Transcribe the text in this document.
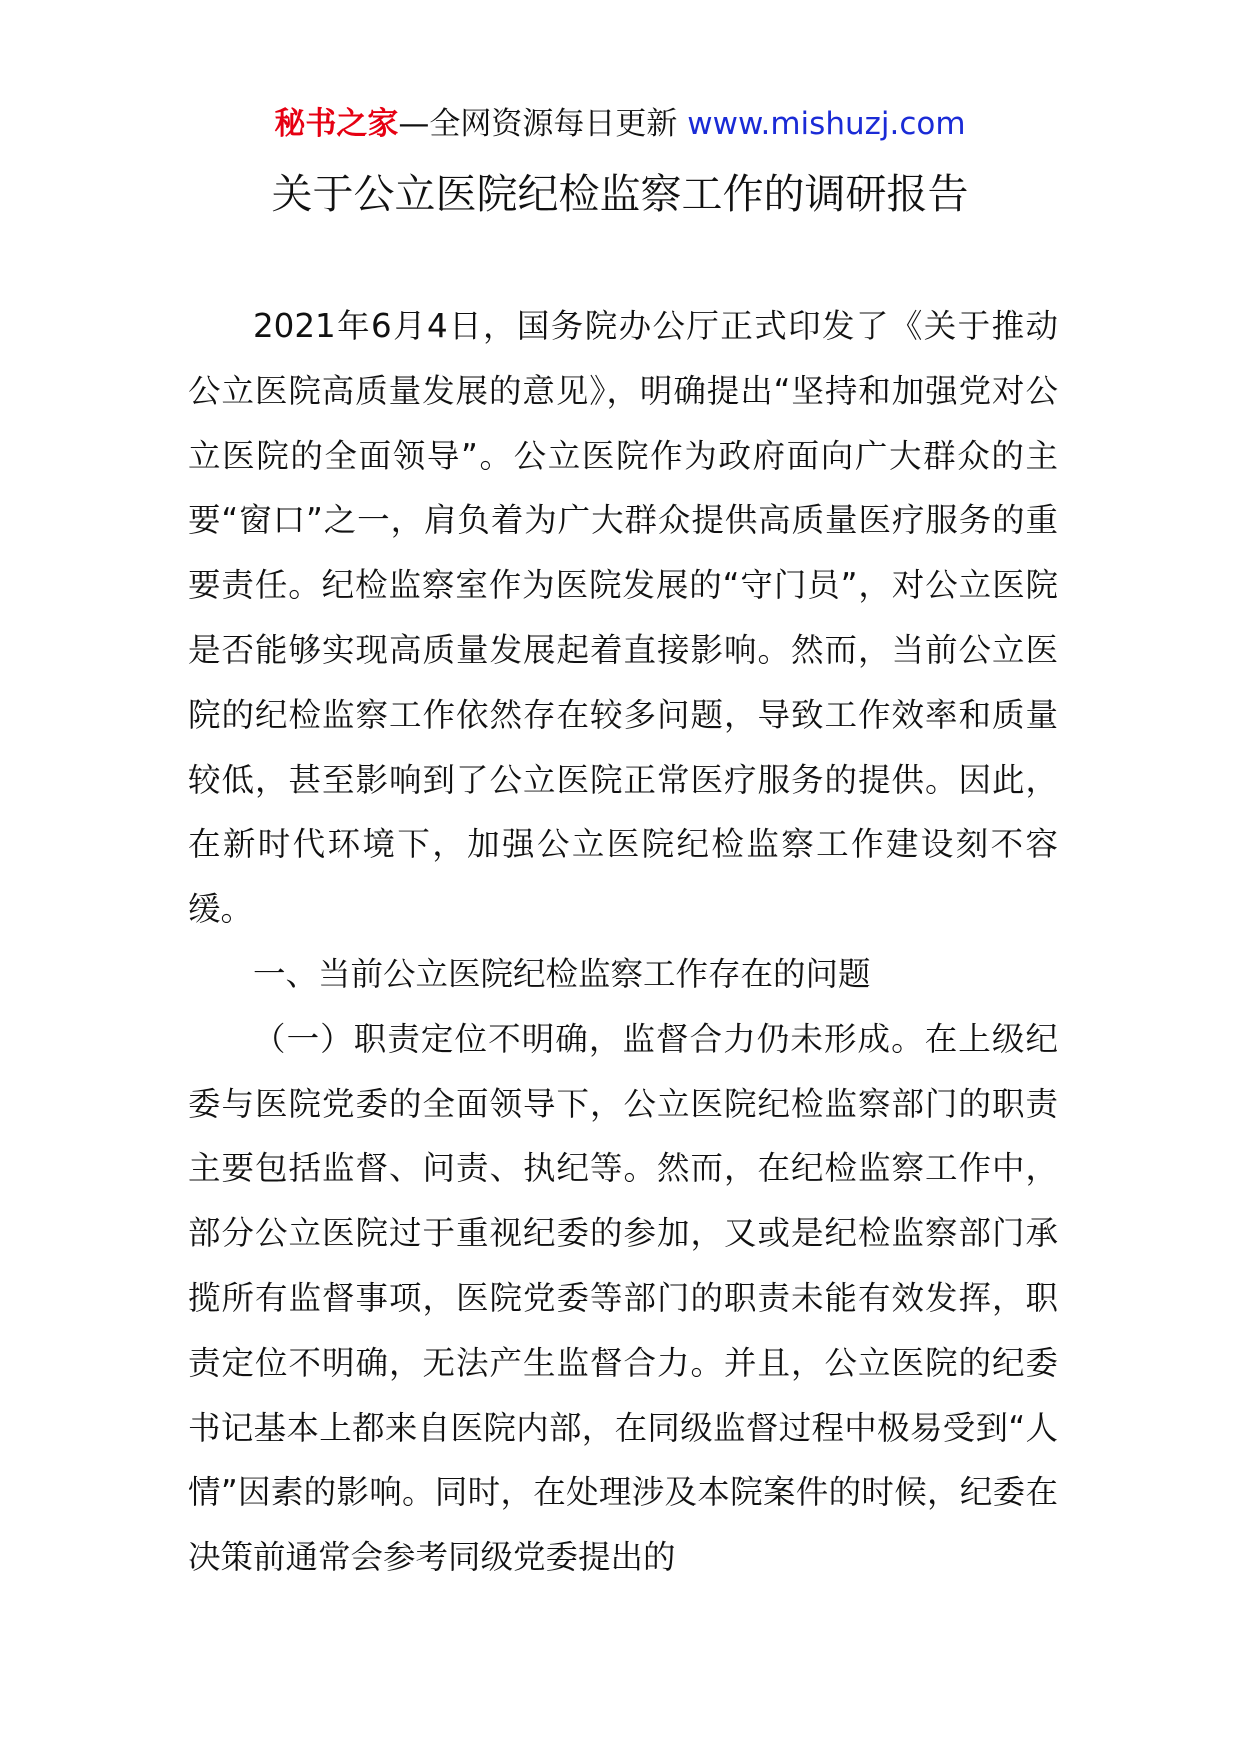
秘书之家—全网资源每日更新 www.mishuzj.com
关于公立医院纪检监察工作的调研报告

2021年6月4日，国务院办公厅正式印发了《关于推动公立医院高质量发展的意见》，明确提出“坚持和加强党对公立医院的全面领导”。公立医院作为政府面向广大群众的主要“窗口”之一，肩负着为广大群众提供高质量医疗服务的重要责任。纪检监察室作为医院发展的“守门员”，对公立医院是否能够实现高质量发展起着直接影响。然而，当前公立医院的纪检监察工作依然存在较多问题，导致工作效率和质量较低，甚至影响到了公立医院正常医疗服务的提供。因此，在新时代环境下，加强公立医院纪检监察工作建设刻不容缓。

一、当前公立医院纪检监察工作存在的问题

（一）职责定位不明确，监督合力仍未形成。在上级纪委与医院党委的全面领导下，公立医院纪检监察部门的职责主要包括监督、问责、执纪等。然而，在纪检监察工作中，部分公立医院过于重视纪委的参加，又或是纪检监察部门承揽所有监督事项，医院党委等部门的职责未能有效发挥，职责定位不明确，无法产生监督合力。并且，公立医院的纪委书记基本上都来自医院内部，在同级监督过程中极易受到“人情”因素的影响。同时，在处理涉及本院案件的时候，纪委在决策前通常会参考同级党委提出的
